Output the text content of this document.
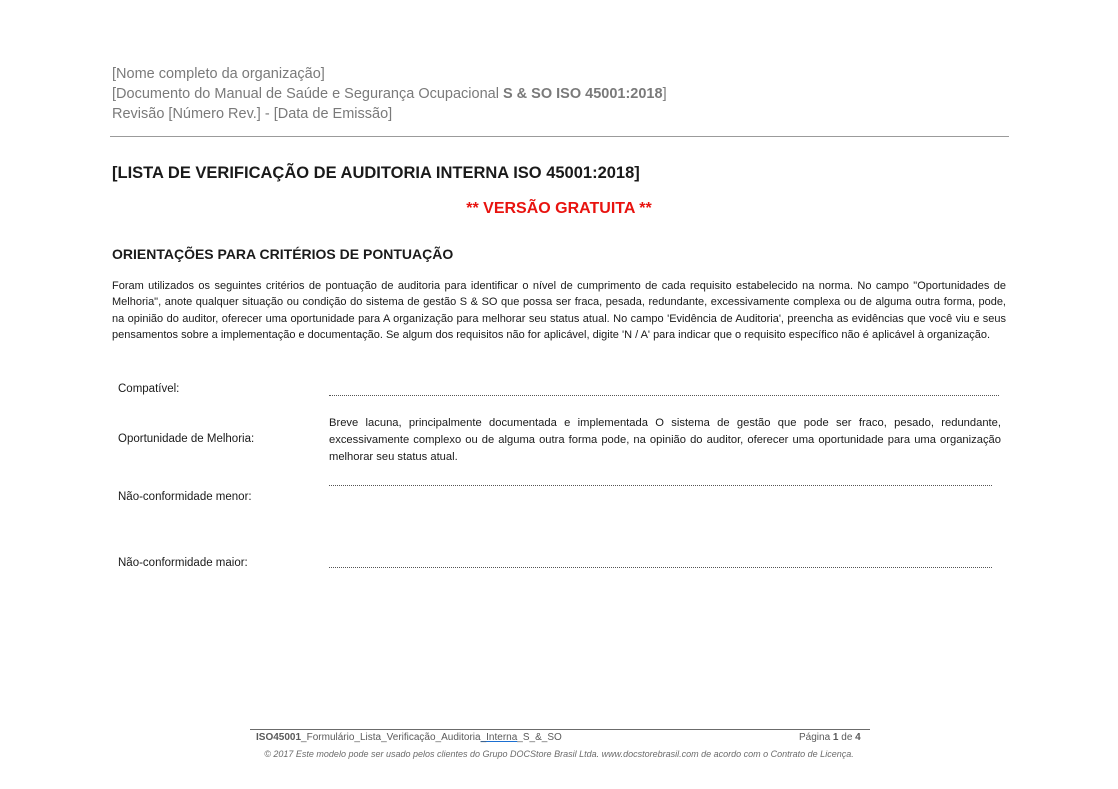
[Nome completo da organização]
[Documento do Manual de Saúde e Segurança Ocupacional S & SO ISO 45001:2018]
Revisão [Número Rev.] - [Data de Emissão]
[LISTA DE VERIFICAÇÃO DE AUDITORIA INTERNA ISO 45001:2018]
** VERSÃO GRATUITA **
ORIENTAÇÕES PARA CRITÉRIOS DE PONTUAÇÃO
Foram utilizados os seguintes critérios de pontuação de auditoria para identificar o nível de cumprimento de cada requisito estabelecido na norma. No campo "Oportunidades de Melhoria", anote qualquer situação ou condição do sistema de gestão S & SO que possa ser fraca, pesada, redundante, excessivamente complexa ou de alguma outra forma, pode, na opinião do auditor, oferecer uma oportunidade para A organização para melhorar seu status atual. No campo 'Evidência de Auditoria', preencha as evidências que você viu e seus pensamentos sobre a implementação e documentação. Se algum dos requisitos não for aplicável, digite 'N / A' para indicar que o requisito específico não é aplicável à organização.
Compatível:
Oportunidade de Melhoria:
Breve lacuna, principalmente documentada e implementada O sistema de gestão que pode ser fraco, pesado, redundante, excessivamente complexo ou de alguma outra forma pode, na opinião do auditor, oferecer uma oportunidade para uma organização melhorar seu status atual.
Não-conformidade menor:
Não-conformidade maior:
ISO45001_Formulário_Lista_Verificação_Auditoria_Interna_S_&_SO	Página 1 de 4
© 2017 Este modelo pode ser usado pelos clientes do Grupo DOCStore Brasil Ltda. www.docstorebrasil.com de acordo com o Contrato de Licença.
